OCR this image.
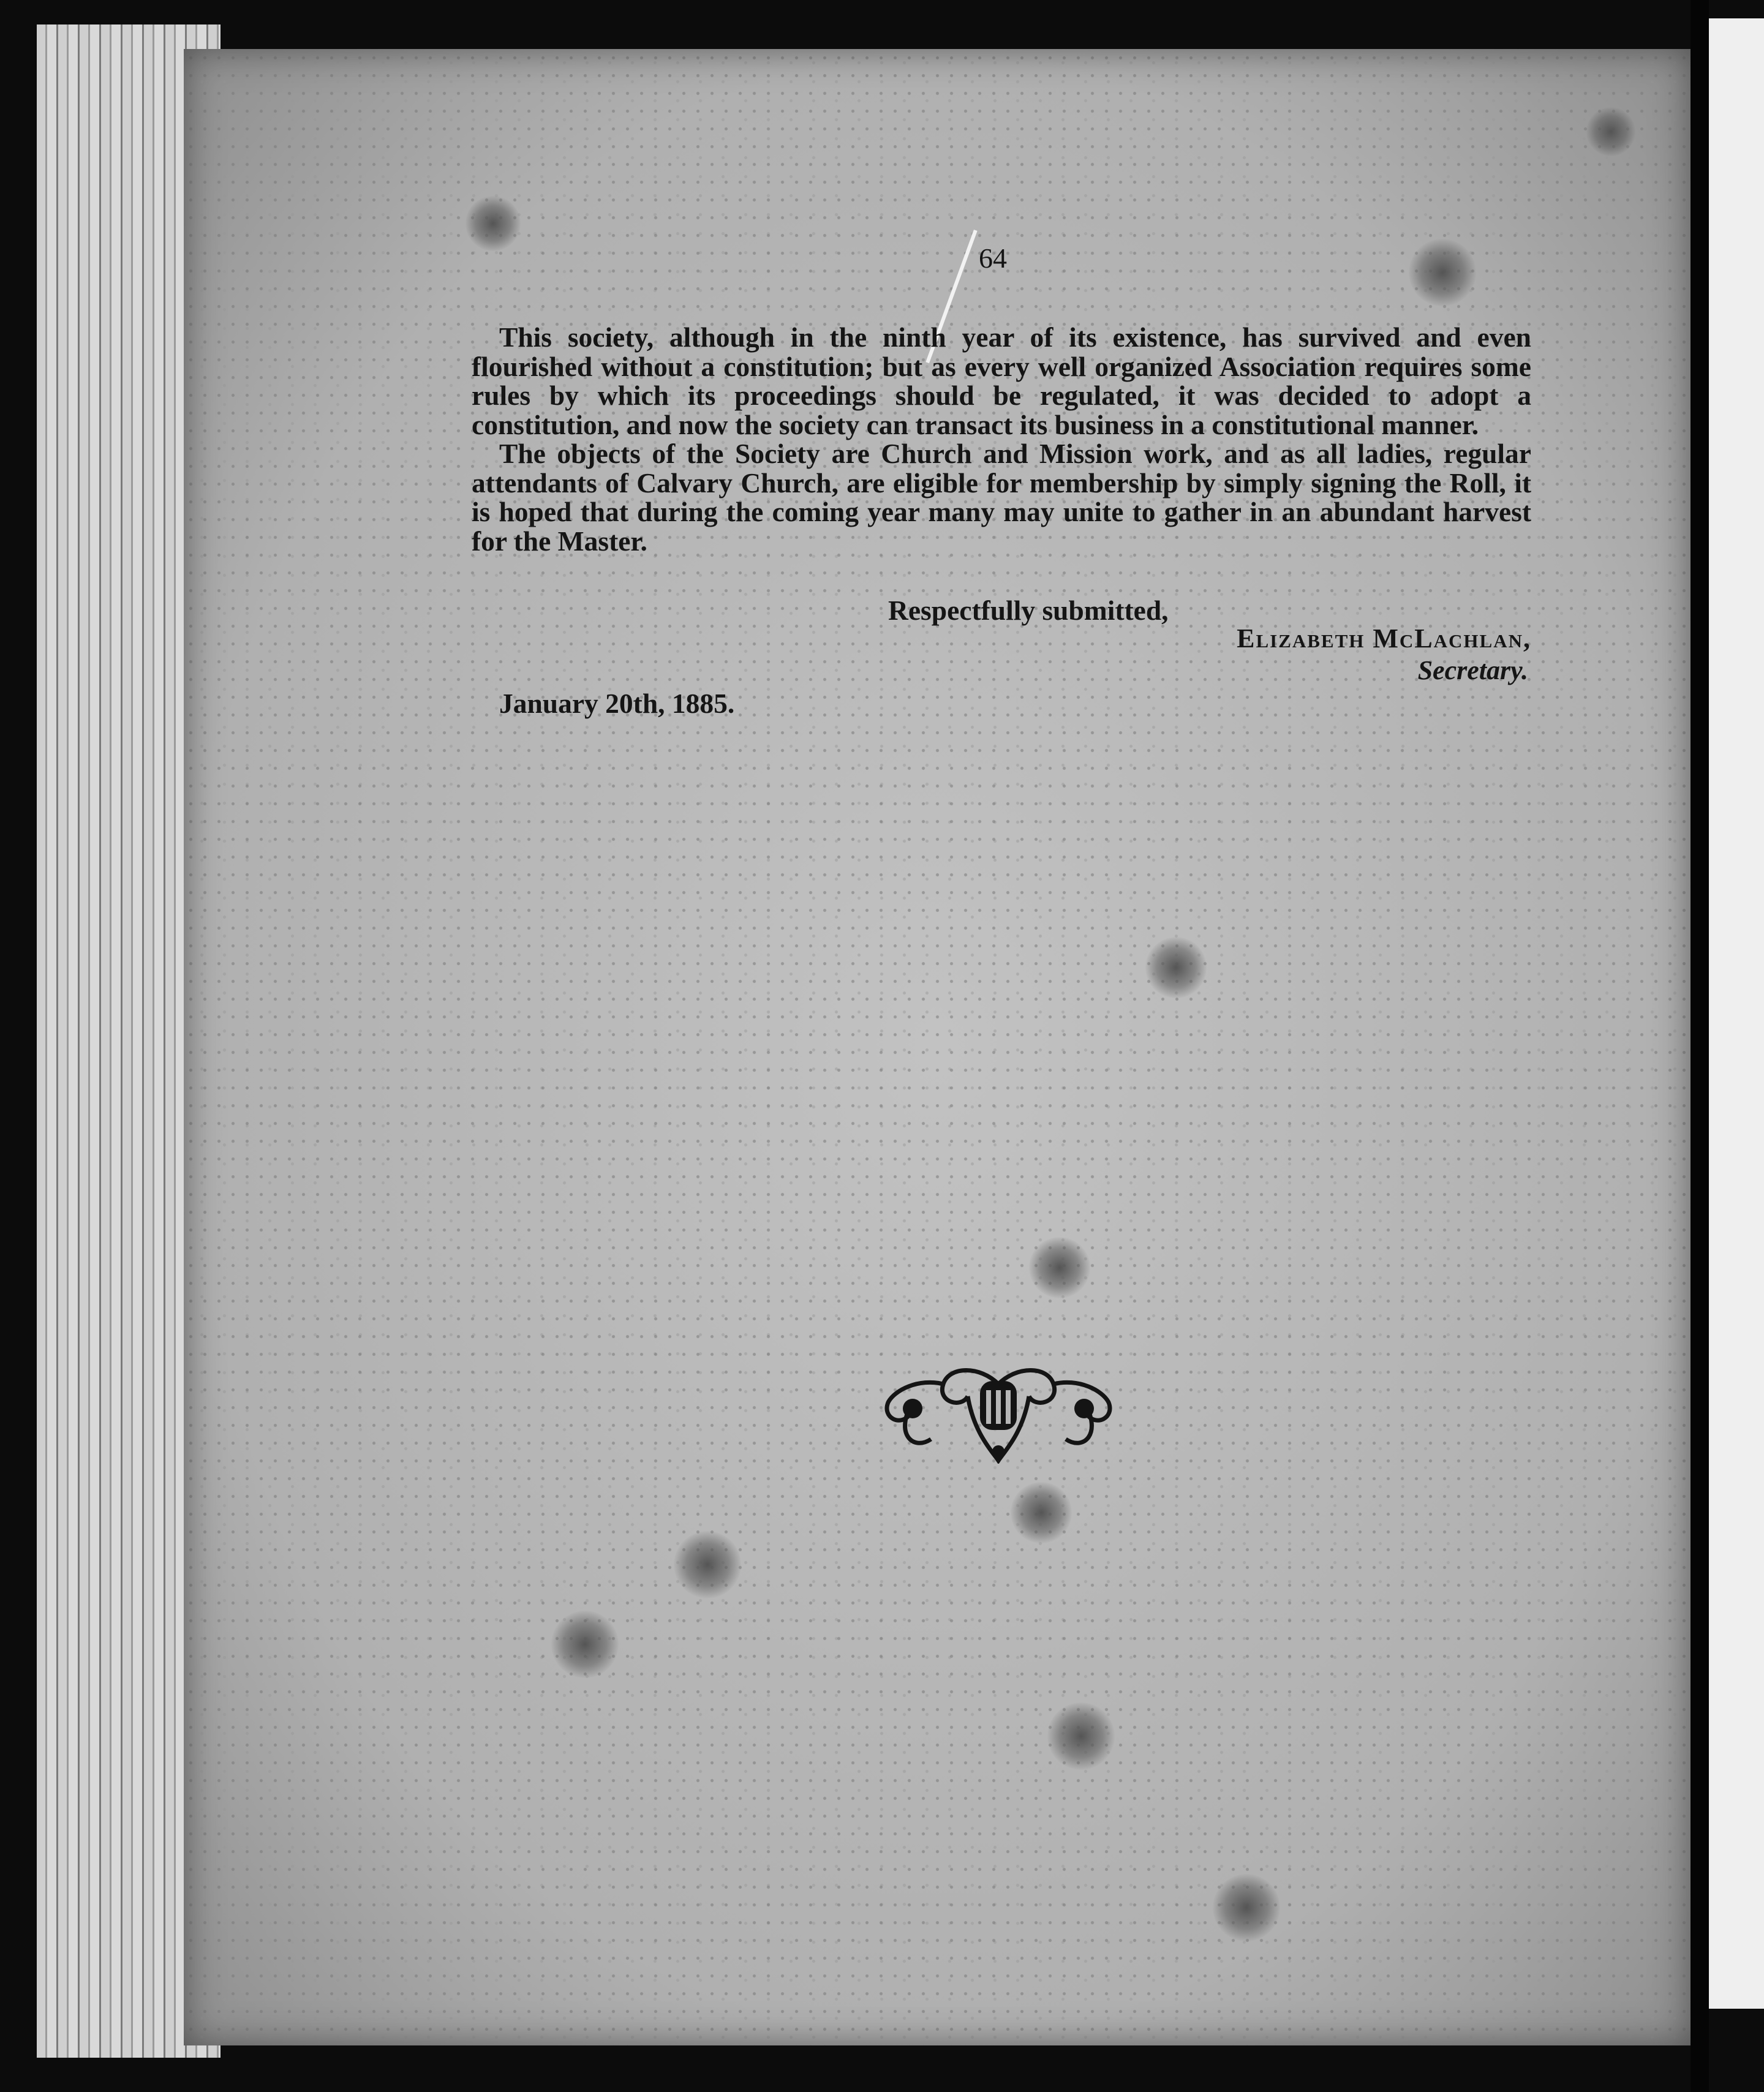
64

This society, although in the ninth year of its existence, has survived and even flourished without a constitution; but as every well organized Association requires some rules by which its proceedings should be regulated, it was decided to adopt a constitution, and now the society can transact its business in a constitutional manner.

The objects of the Society are Church and Mission work, and as all ladies, regular attendants of Calvary Church, are eligible for membership by simply signing the Roll, it is hoped that during the coming year many may unite to gather in an abundant harvest for the Master.

Respectfully submitted,
Elizabeth McLachlan,
Secretary.
January 20th, 1885.
